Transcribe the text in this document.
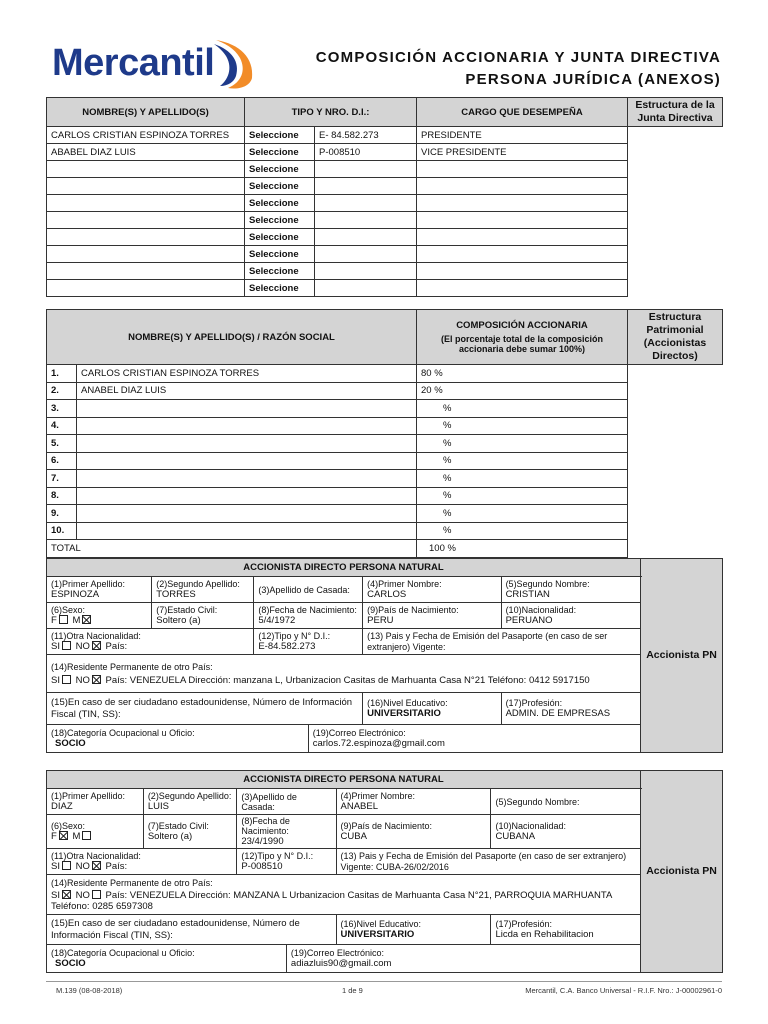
Mercantil	COMPOSICIÓN ACCIONARIA Y JUNTA DIRECTIVA
PERSONA JURÍDICA (ANEXOS)
NOMBRE(S) Y APELLIDO(S)	TIPO Y NRO. D.I.:		CARGO QUE DESEMPEÑA	Estructura de la Junta Directiva
CARLOS CRISTIAN ESPINOZA TORRES	Seleccione	E- 84.582.273	PRESIDENTE	
ABABEL DIAZ LUIS	Seleccione	P-008510	VICE PRESIDENTE	
	Seleccione			
	Seleccione			
	Seleccione			
	Seleccione			
	Seleccione			
	Seleccione			
	Seleccione			
	Seleccione			
NOMBRE(S) Y APELLIDO(S) / RAZÓN SOCIAL		COMPOSICIÓN ACCIONARIA
(El porcentaje total de la composición accionaria debe sumar 100%)	Estructura Patrimonial (Accionistas Directos)
1.	CARLOS CRISTIAN ESPINOZA TORRES	80 %	
2.	ANABEL DIAZ LUIS	20 %	
3.		%	
4.		%	
5.		%	
6.		%	
7.		%	
8.		%	
9.		%	
10.		%	
TOTAL		100 %	
ACCIONISTA DIRECTO PERSONA NATURAL						Accionista PN

(1)Primer Apellido:
ESPINOZA	(2)Segundo Apellido:
TORRES	(3)Apellido de Casada:		(4)Primer Nombre:
CARLOS	(5)Segundo Nombre:
CRISTIAN	

(6)Sexo:
F M	(7)Estado Civil:
Soltero (a)	(8)Fecha de Nacimiento:
5/4/1972		(9)País de Nacimiento:
PERU	(10)Nacionalidad:
PERUANO	

(11)Otra Nacionalidad:
SI NO País:		(12)Tipo y N° D.I.:
E-84.582.273		(13) Pais y Fecha de Emisión del Pasaporte (en caso de ser extranjero) Vigente:		

(14)Residente Permanente de otro País:
SI NO País: VENEZUELA Dirección: manzana L, Urbanizacion Casitas de Marhuanta Casa N°21 Teléfono: 0412 5917150						

(15)En caso de ser ciudadano estadounidense, Número de Información Fiscal (TIN, SS):				(16)Nivel Educativo:
UNIVERSITARIO	(17)Profesión:
ADMIN. DE EMPRESAS	

(18)Categoría Ocupacional u Oficio:
SOCIO			(19)Correo Electrónico:
carlos.72.espinoza@gmail.com			
ACCIONISTA DIRECTO PERSONA NATURAL						Accionista PN

(1)Primer Apellido:
DIAZ	(2)Segundo Apellido:
LUIS	(3)Apellido de Casada:		(4)Primer Nombre:
ANABEL	(5)Segundo Nombre:	

(6)Sexo:
F M	(7)Estado Civil:
Soltero (a)	(8)Fecha de Nacimiento:
23/4/1990		(9)País de Nacimiento:
CUBA	(10)Nacionalidad:
CUBANA	

(11)Otra Nacionalidad:
SI NO País:		(12)Tipo y N° D.I.:
P-008510		(13) Pais y Fecha de Emisión del Pasaporte (en caso de ser extranjero) Vigente: CUBA-26/02/2016		

(14)Residente Permanente de otro País:
SI NO País: VENEZUELA Dirección: MANZANA L Urbanizacion Casitas de Marhuanta Casa N°21, PARROQUIA MARHUANTA
Teléfono: 0285 6597308						

(15)En caso de ser ciudadano estadounidense, Número de Información Fiscal (TIN, SS):				(16)Nivel Educativo:
UNIVERSITARIO	(17)Profesión:
Licda en Rehabilitacion	

(18)Categoría Ocupacional u Oficio:
SOCIO			(19)Correo Electrónico:
adiazluis90@gmail.com			
M.139 (08-08-2018)	1 de 9	Mercantil, C.A. Banco Universal - R.I.F. Nro.: J-00002961-0
